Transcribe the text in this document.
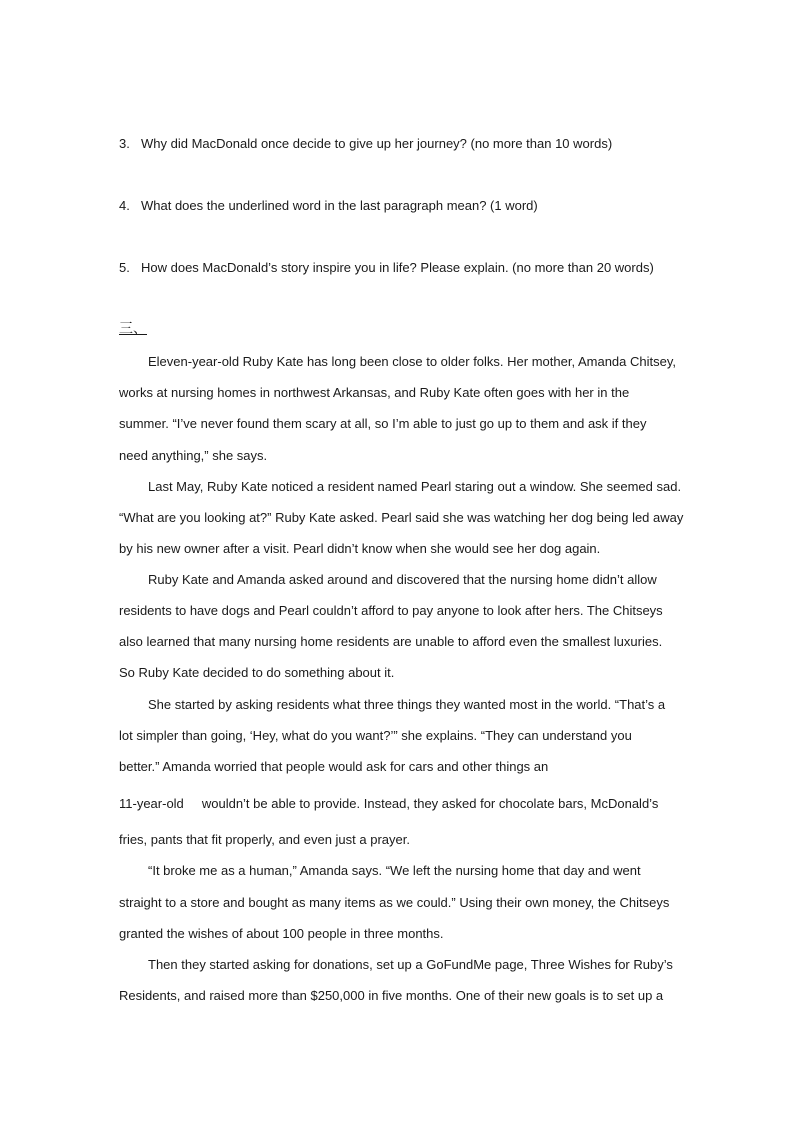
3. Why did MacDonald once decide to give up her journey? (no more than 10 words)
4. What does the underlined word in the last paragraph mean? (1 word)
5. How does MacDonald’s story inspire you in life? Please explain. (no more than 20 words)
三、
Eleven-year-old Ruby Kate has long been close to older folks. Her mother, Amanda Chitsey,
works at nursing homes in northwest Arkansas, and Ruby Kate often goes with her in the
summer. “I’ve never found them scary at all, so I’m able to just go up to them and ask if they
need anything,” she says.
Last May, Ruby Kate noticed a resident named Pearl staring out a window. She seemed sad.
“What are you looking at?” Ruby Kate asked. Pearl said she was watching her dog being led away
by his new owner after a visit. Pearl didn’t know when she would see her dog again.
Ruby Kate and Amanda asked around and discovered that the nursing home didn’t allow
residents to have dogs and Pearl couldn’t afford to pay anyone to look after hers. The Chitseys
also learned that many nursing home residents are unable to afford even the smallest luxuries.
So Ruby Kate decided to do something about it.
She started by asking residents what three things they wanted most in the world. “That’s a
lot simpler than going, ‘Hey, what do you want?’” she explains. “They can understand you
better.” Amanda worried that people would ask for cars and other things an
11-year-old     wouldn’t be able to provide. Instead, they asked for chocolate bars, McDonald’s
fries, pants that fit properly, and even just a prayer.
“It broke me as a human,” Amanda says. “We left the nursing home that day and went
straight to a store and bought as many items as we could.” Using their own money, the Chitseys
granted the wishes of about 100 people in three months.
Then they started asking for donations, set up a GoFundMe page, Three Wishes for Ruby’s
Residents, and raised more than $250,000 in five months. One of their new goals is to set up a
